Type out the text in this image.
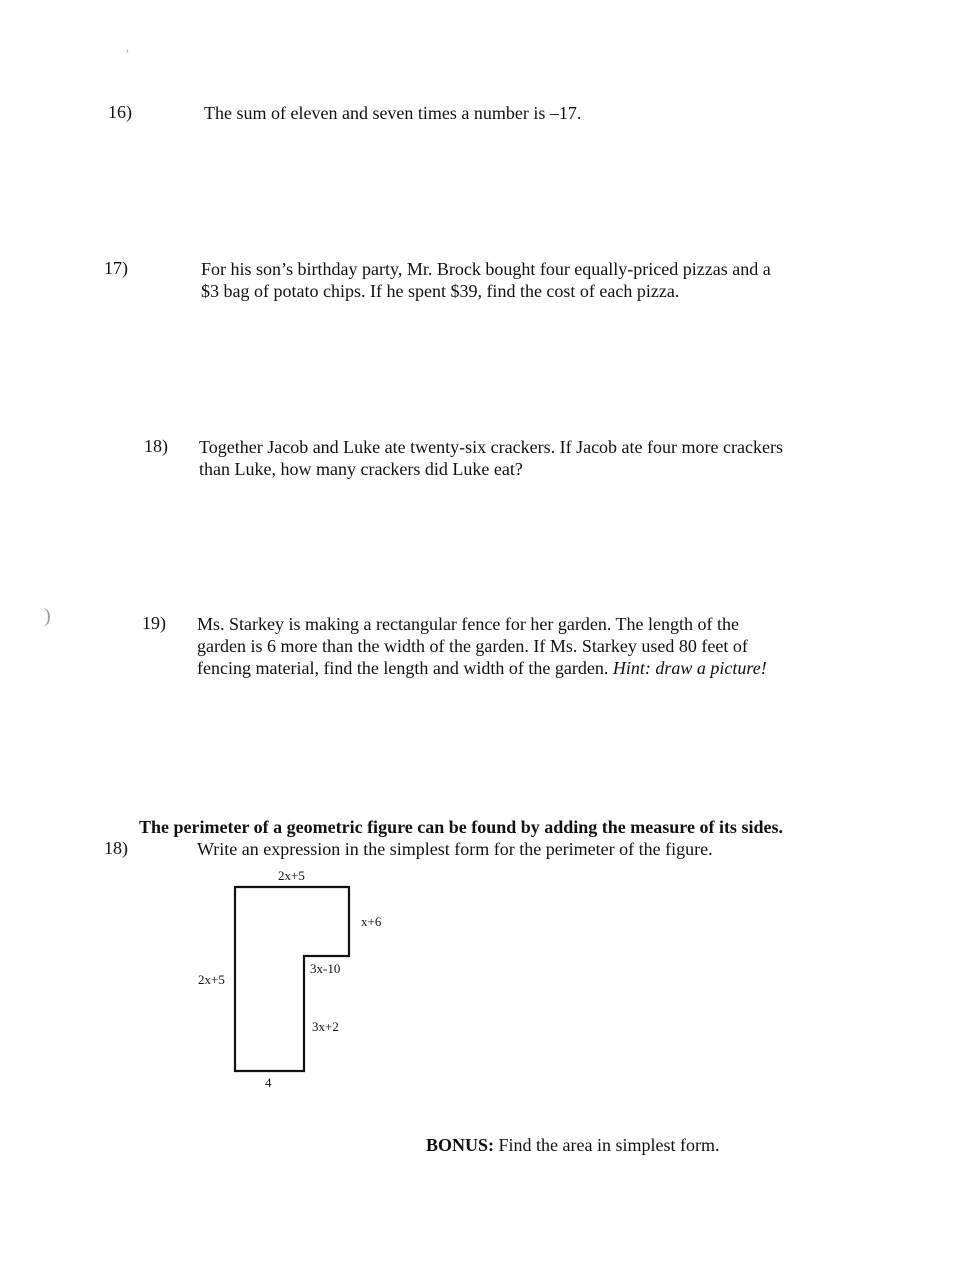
,
)
16)	The sum of eleven and seven times a number is –17.
17)	For his son’s birthday party, Mr. Brock bought four equally-priced pizzas and a
$3 bag of potato chips. If he spent $39, find the cost of each pizza.
18) Together Jacob and Luke ate twenty-six crackers. If Jacob ate four more crackers
than Luke, how many crackers did Luke eat?
19) Ms. Starkey is making a rectangular fence for her garden. The length of the
garden is 6 more than the width of the garden. If Ms. Starkey used 80 feet of
fencing material, find the length and width of the garden. Hint: draw a picture!
The perimeter of a geometric figure can be found by adding the measure of its sides.
18)	Write an expression in the simplest form for the perimeter of the figure.
2x+5
x+6
3x-10
2x+5
3x+2
4
BONUS: Find the area in simplest form.
